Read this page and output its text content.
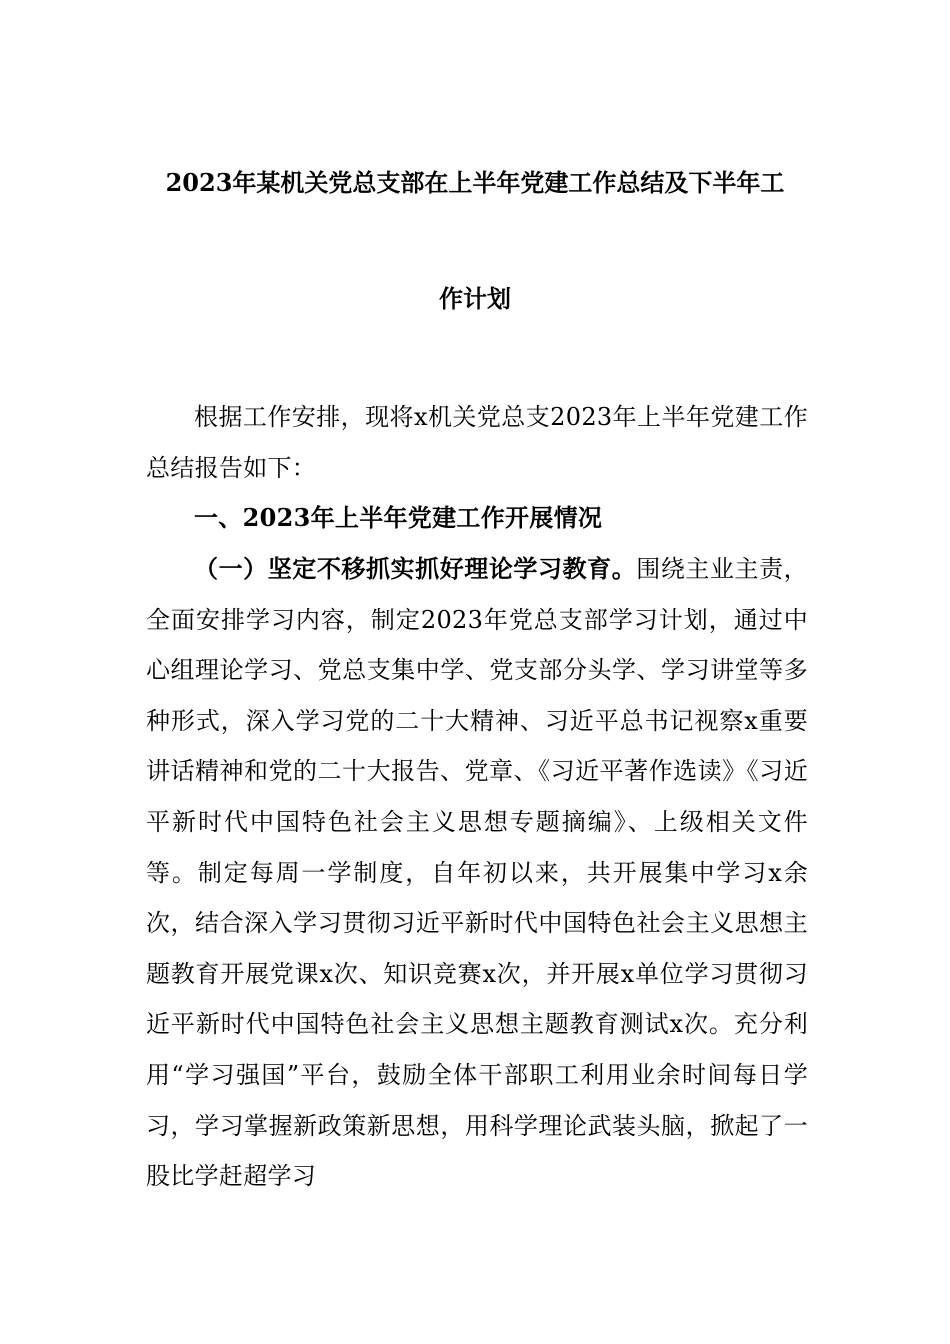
2023年某机关党总支部在上半年党建工作总结及下半年工
作计划

根据工作安排，现将x机关党总支2023年上半年党建工作总结报告如下：

一、2023年上半年党建工作开展情况

（一）坚定不移抓实抓好理论学习教育。围绕主业主责，全面安排学习内容，制定2023年党总支部学习计划，通过中心组理论学习、党总支集中学、党支部分头学、学习讲堂等多种形式，深入学习党的二十大精神、习近平总书记视察x重要讲话精神和党的二十大报告、党章、《习近平著作选读》《习近平新时代中国特色社会主义思想专题摘编》、上级相关文件等。制定每周一学制度，自年初以来，共开展集中学习x余次，结合深入学习贯彻习近平新时代中国特色社会主义思想主题教育开展党课x次、知识竞赛x次，并开展x单位学习贯彻习近平新时代中国特色社会主义思想主题教育测试x次。充分利用“学习强国”平台，鼓励全体干部职工利用业余时间每日学习，学习掌握新政策新思想，用科学理论武装头脑，掀起了一股比学赶超学习
